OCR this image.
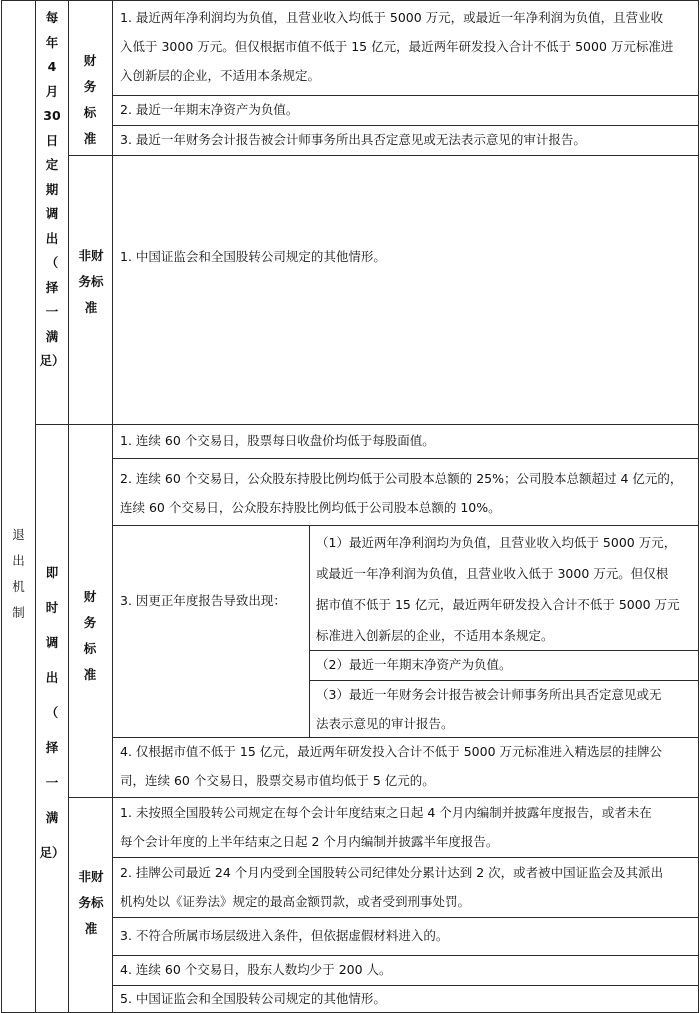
退出机制
每
年
4
月
30
日
定
期
调
出
（
择
一
满
足）
即
时
调
出
（
择
一
满
足）
财务标准
非财务标准
财务标准
非财务标准
1. 最近两年净利润均为负值，且营业收入均低于 5000 万元，或最近一年净利润为负值，且营业收
入低于 3000 万元。但仅根据市值不低于 15 亿元，最近两年研发投入合计不低于 5000 万元标准进
入创新层的企业，不适用本条规定。
2. 最近一年期末净资产为负值。
3. 最近一年财务会计报告被会计师事务所出具否定意见或无法表示意见的审计报告。
1. 中国证监会和全国股转公司规定的其他情形。
1. 连续 60 个交易日，股票每日收盘价均低于每股面值。
2. 连续 60 个交易日，公众股东持股比例均低于公司股本总额的 25%；公司股本总额超过 4 亿元的，
连续 60 个交易日，公众股东持股比例均低于公司股本总额的 10%。
3. 因更正年度报告导致出现：
（1）最近两年净利润均为负值，且营业收入均低于 5000 万元，
或最近一年净利润为负值，且营业收入低于 3000 万元。但仅根
据市值不低于 15 亿元，最近两年研发投入合计不低于 5000 万元
标准进入创新层的企业，不适用本条规定。
（2）最近一年期末净资产为负值。
（3）最近一年财务会计报告被会计师事务所出具否定意见或无
法表示意见的审计报告。
4. 仅根据市值不低于 15 亿元，最近两年研发投入合计不低于 5000 万元标准进入精选层的挂牌公
司，连续 60 个交易日，股票交易市值均低于 5 亿元的。
1. 未按照全国股转公司规定在每个会计年度结束之日起 4 个月内编制并披露年度报告，或者未在
每个会计年度的上半年结束之日起 2 个月内编制并披露半年度报告。
2. 挂牌公司最近 24 个月内受到全国股转公司纪律处分累计达到 2 次，或者被中国证监会及其派出
机构处以《证券法》规定的最高金额罚款，或者受到刑事处罚。
3. 不符合所属市场层级进入条件，但依据虚假材料进入的。
4. 连续 60 个交易日，股东人数均少于 200 人。
5. 中国证监会和全国股转公司规定的其他情形。
